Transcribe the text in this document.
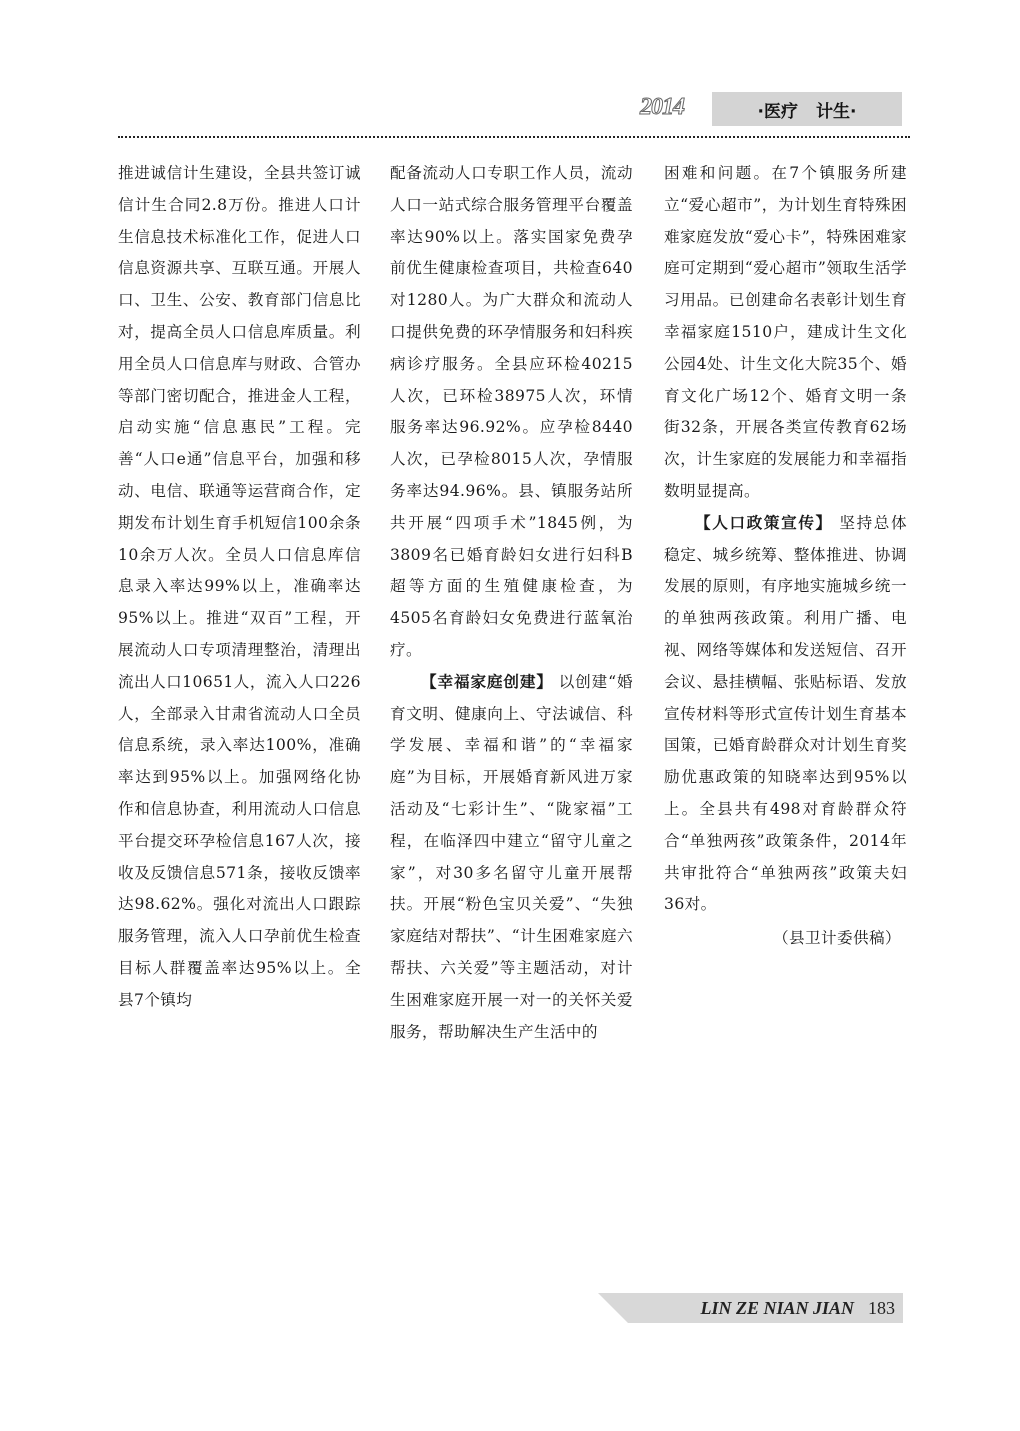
2014	·医疗 计生·

推进诚信计生建设，全县共签订诚信计生合同2.8万份。推进人口计生信息技术标准化工作，促进人口信息资源共享、互联互通。开展人口、卫生、公安、教育部门信息比对，提高全员人口信息库质量。利用全员人口信息库与财政、合管办等部门密切配合，推进金人工程，启动实施“信息惠民”工程。完善“人口e通”信息平台，加强和移动、电信、联通等运营商合作，定期发布计划生育手机短信100余条10余万人次。全员人口信息库信息录入率达99%以上，准确率达95%以上。推进“双百”工程，开展流动人口专项清理整治，清理出流出人口10651人，流入人口226人，全部录入甘肃省流动人口全员信息系统，录入率达100%，准确率达到95%以上。加强网络化协作和信息协查，利用流动人口信息平台提交环孕检信息167人次，接收及反馈信息571条，接收反馈率达98.62%。强化对流出人口跟踪服务管理，流入人口孕前优生检查目标人群覆盖率达95%以上。全县7个镇均

配备流动人口专职工作人员，流动人口一站式综合服务管理平台覆盖率达90%以上。落实国家免费孕前优生健康检查项目，共检查640对1280人。为广大群众和流动人口提供免费的环孕情服务和妇科疾病诊疗服务。全县应环检40215人次，已环检38975人次，环情服务率达96.92%。应孕检8440人次，已孕检8015人次，孕情服务率达94.96%。县、镇服务站所共开展“四项手术”1845例，为3809名已婚育龄妇女进行妇科B超等方面的生殖健康检查，为4505名育龄妇女免费进行蓝氧治疗。

【幸福家庭创建】 以创建“婚育文明、健康向上、守法诚信、科学发展、幸福和谐”的“幸福家庭”为目标，开展婚育新风进万家活动及“七彩计生”、“陇家福”工程，在临泽四中建立“留守儿童之家”，对30多名留守儿童开展帮扶。开展“粉色宝贝关爱”、“失独家庭结对帮扶”、“计生困难家庭六帮扶、六关爱”等主题活动，对计生困难家庭开展一对一的关怀关爱服务，帮助解决生产生活中的

困难和问题。在7个镇服务所建立“爱心超市”，为计划生育特殊困难家庭发放“爱心卡”，特殊困难家庭可定期到“爱心超市”领取生活学习用品。已创建命名表彰计划生育幸福家庭1510户，建成计生文化公园4处、计生文化大院35个、婚育文化广场12个、婚育文明一条街32条，开展各类宣传教育62场次，计生家庭的发展能力和幸福指数明显提高。

【人口政策宣传】 坚持总体稳定、城乡统筹、整体推进、协调发展的原则，有序地实施城乡统一的单独两孩政策。利用广播、电视、网络等媒体和发送短信、召开会议、悬挂横幅、张贴标语、发放宣传材料等形式宣传计划生育基本国策，已婚育龄群众对计划生育奖励优惠政策的知晓率达到95%以上。全县共有498对育龄群众符合“单独两孩”政策条件，2014年共审批符合“单独两孩”政策夫妇36对。

（县卫计委供稿）

LIN ZE NIAN JIAN 183
